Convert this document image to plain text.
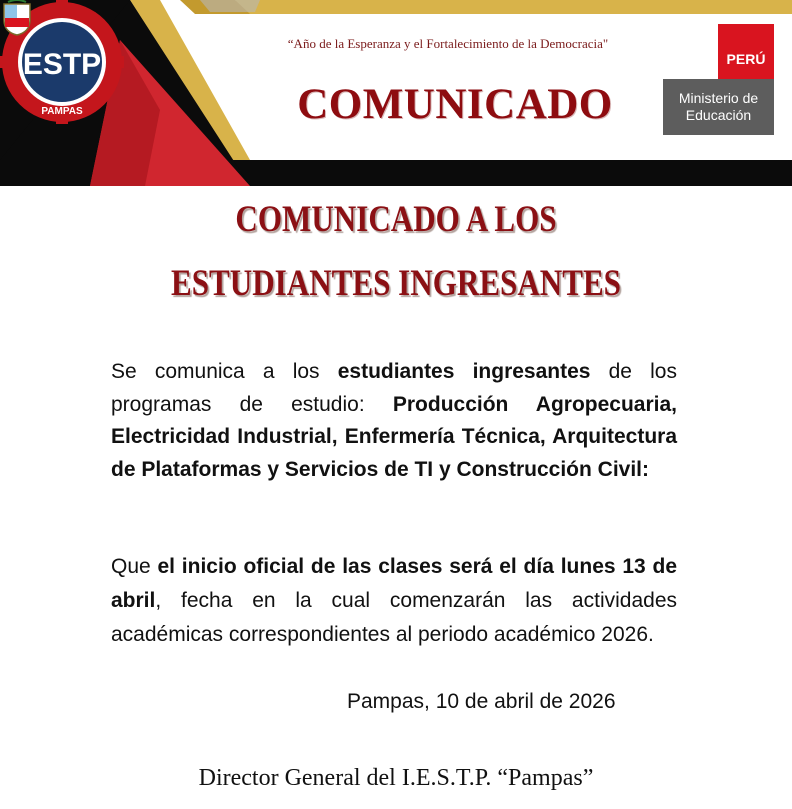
ESTP
PAMPAS
“Año de la Esperanza y el Fortalecimiento de la Democracia"
COMUNICADO
PERÚ
Ministerio de
Educación
COMUNICADO A LOS
ESTUDIANTES INGRESANTES
Se comunica a los estudiantes ingresantes de los programas de estudio: Producción Agropecuaria, Electricidad Industrial, Enfermería Técnica, Arquitectura de Plataformas y Servicios de TI y Construcción Civil:
Que el inicio oficial de las clases será el día lunes 13 de abril, fecha en la cual comenzarán las actividades académicas correspondientes al periodo académico 2026.
Pampas, 10 de abril de 2026
Director General del I.E.S.T.P. “Pampas”
